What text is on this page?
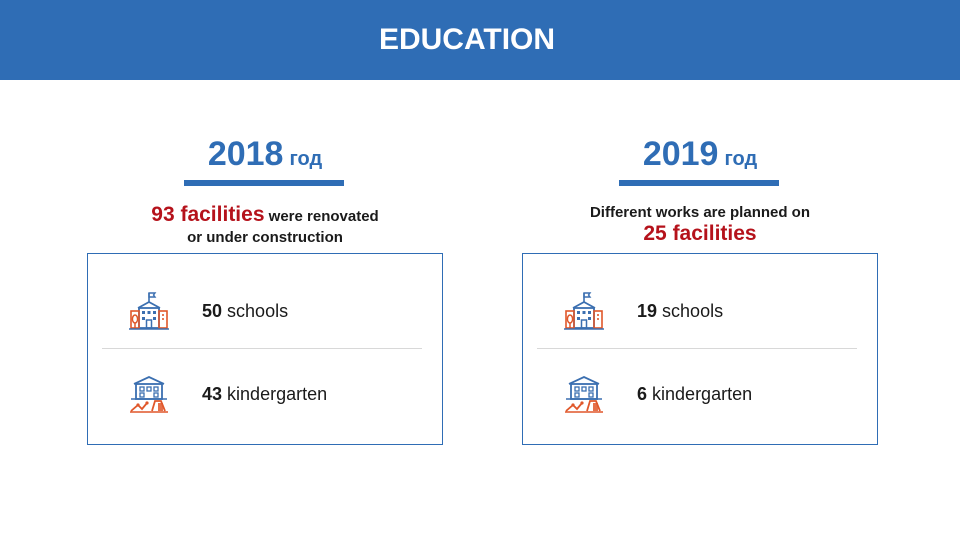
EDUCATION
2018 год
93 facilities were renovated
or under construction
50 schools
43 kindergarten
2019 год
Different works are planned on
25 facilities
19 schools
6 kindergarten
